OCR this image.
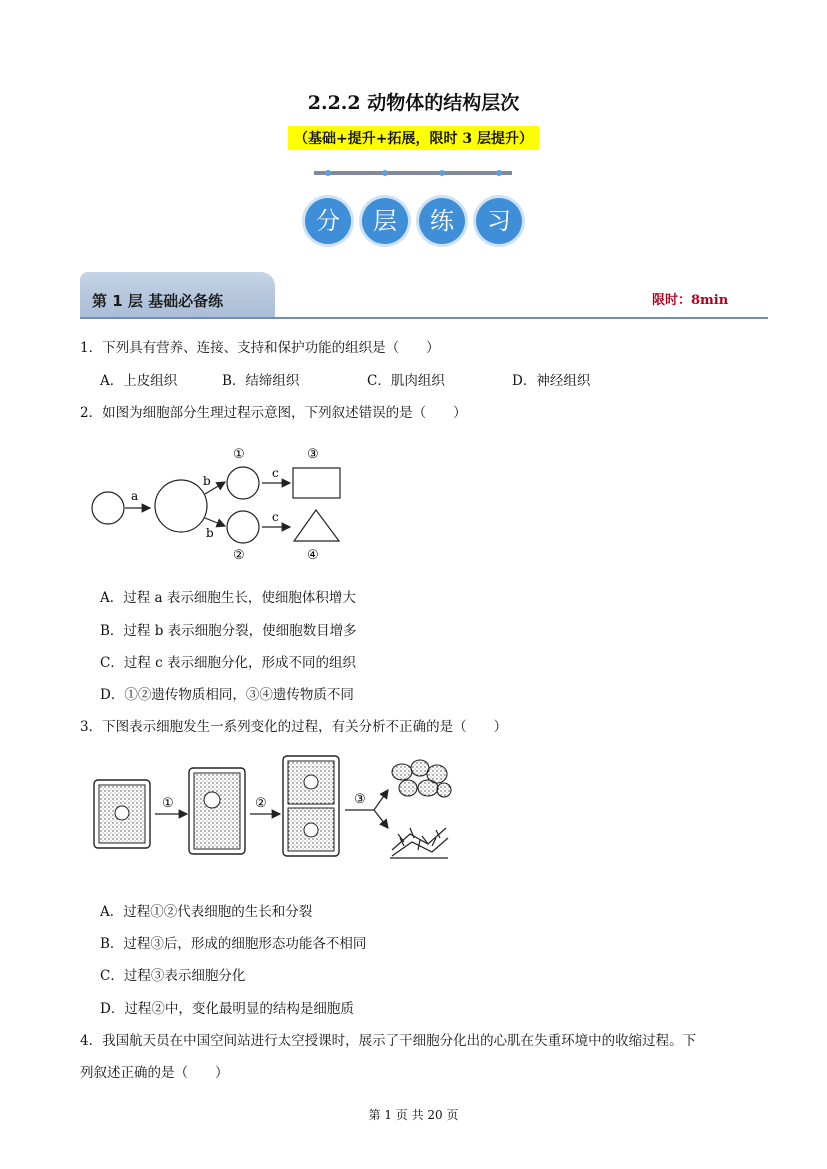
2.2.2 动物体的结构层次
（基础+提升+拓展，限时 3 层提升）
分	层	练	习
第 1 层 基础必备练	限时：8min
1．下列具有营养、连接、支持和保护功能的组织是（　　）
A．上皮组织	B．结缔组织	C．肌肉组织	D．神经组织
2．如图为细胞部分生理过程示意图，下列叙述错误的是（　　）
a
b
b
①
②
c
c
③
④
A．过程 a 表示细胞生长，使细胞体积增大
B．过程 b 表示细胞分裂，使细胞数目增多
C．过程 c 表示细胞分化，形成不同的组织
D．①②遗传物质相同，③④遗传物质不同
3．下图表示细胞发生一系列变化的过程，有关分析不正确的是（　　）
①	②	③
A．过程①②代表细胞的生长和分裂
B．过程③后，形成的细胞形态功能各不相同
C．过程③表示细胞分化
D．过程②中，变化最明显的结构是细胞质
4．我国航天员在中国空间站进行太空授课时，展示了干细胞分化出的心肌在失重环境中的收缩过程。下
列叙述正确的是（　　）
第 1 页 共 20 页
